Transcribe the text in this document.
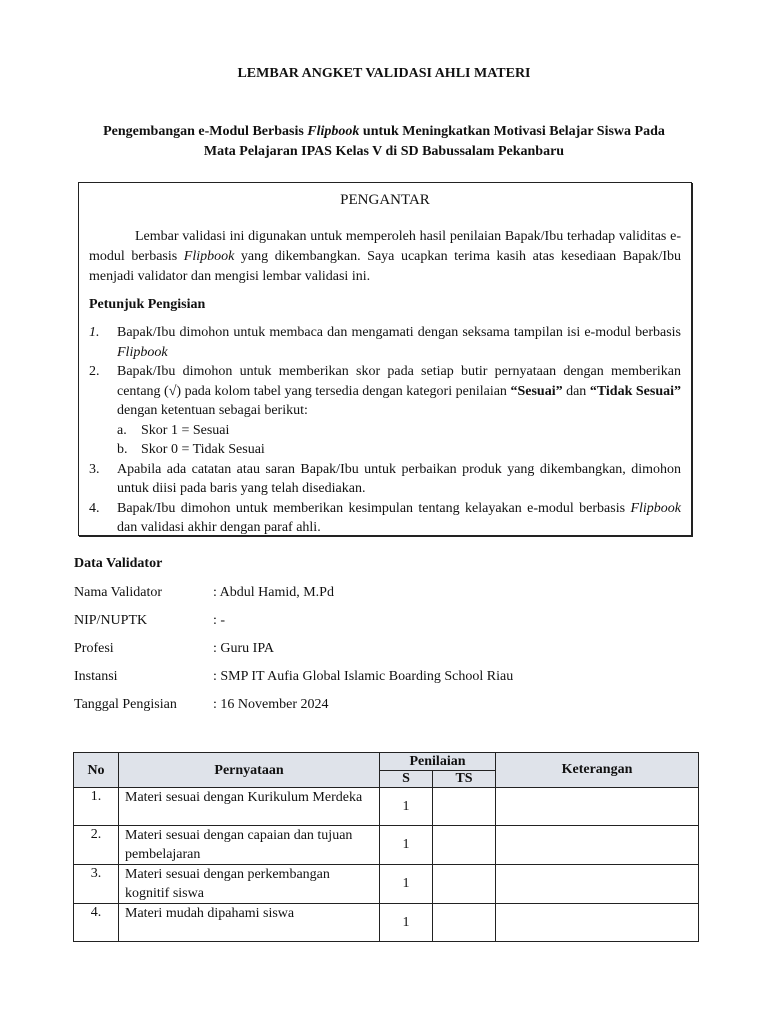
LEMBAR ANGKET VALIDASI AHLI MATERI
Pengembangan e-Modul Berbasis Flipbook untuk Meningkatkan Motivasi Belajar Siswa Pada
Mata Pelajaran IPAS Kelas V di SD Babussalam Pekanbaru
PENGANTAR
Lembar validasi ini digunakan untuk memperoleh hasil penilaian Bapak/Ibu terhadap validitas e-modul berbasis Flipbook yang dikembangkan. Saya ucapkan terima kasih atas kesediaan Bapak/Ibu menjadi validator dan mengisi lembar validasi ini.
Petunjuk Pengisian
1. Bapak/Ibu dimohon untuk membaca dan mengamati dengan seksama tampilan isi e-modul berbasis Flipbook
2. Bapak/Ibu dimohon untuk memberikan skor pada setiap butir pernyataan dengan memberikan centang (√) pada kolom tabel yang tersedia dengan kategori penilaian “Sesuai” dan “Tidak Sesuai” dengan ketentuan sebagai berikut:
a. Skor 1 = Sesuai
b. Skor 0 = Tidak Sesuai
3. Apabila ada catatan atau saran Bapak/Ibu untuk perbaikan produk yang dikembangkan, dimohon untuk diisi pada baris yang telah disediakan.
4. Bapak/Ibu dimohon untuk memberikan kesimpulan tentang kelayakan e-modul berbasis Flipbook dan validasi akhir dengan paraf ahli.
Data Validator
Nama Validator	: Abdul Hamid, M.Pd
NIP/NUPTK	: -
Profesi	: Guru IPA
Instansi	: SMP IT Aufia Global Islamic Boarding School Riau
Tanggal Pengisian	: 16 November 2024
No	Pernyataan	Penilaian		Keterangan
		S	TS	
1.	Materi sesuai dengan Kurikulum Merdeka	1		
2.	Materi sesuai dengan capaian dan tujuan pembelajaran	1		
3.	Materi sesuai dengan perkembangan kognitif siswa	1		
4.	Materi mudah dipahami siswa	1		
